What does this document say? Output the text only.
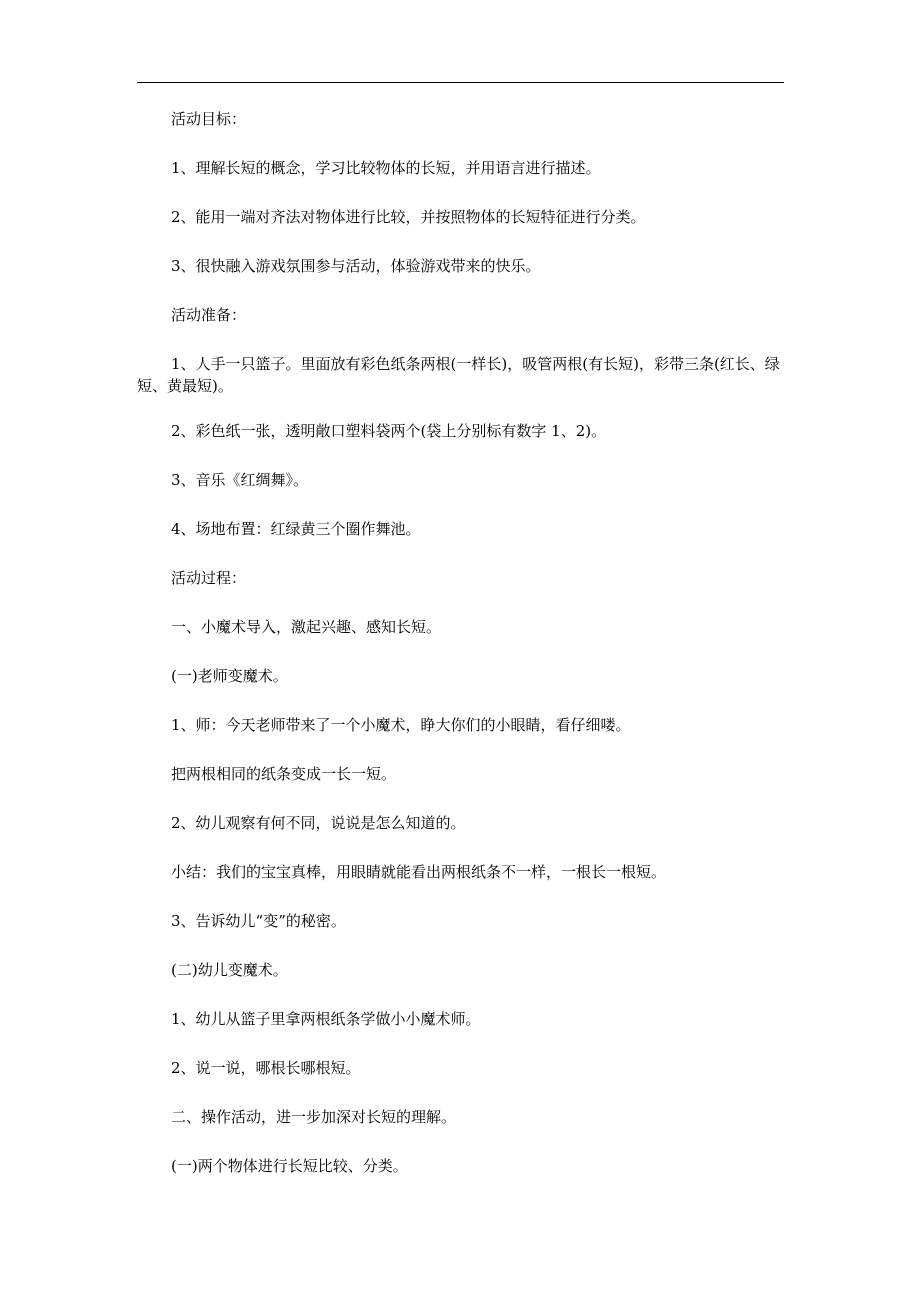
活动目标：

1、理解长短的概念，学习比较物体的长短，并用语言进行描述。

2、能用一端对齐法对物体进行比较，并按照物体的长短特征进行分类。

3、很快融入游戏氛围参与活动，体验游戏带来的快乐。

活动准备：

1、人手一只篮子。里面放有彩色纸条两根(一样长)，吸管两根(有长短)，彩带三条(红长、绿短、黄最短)。

2、彩色纸一张，透明敞口塑料袋两个(袋上分别标有数字 1、2)。

3、音乐《红绸舞》。

4、场地布置：红绿黄三个圈作舞池。

活动过程：

一、小魔术导入，激起兴趣、感知长短。

(一)老师变魔术。

1、师：今天老师带来了一个小魔术，睁大你们的小眼睛，看仔细喽。

把两根相同的纸条变成一长一短。

2、幼儿观察有何不同，说说是怎么知道的。

小结：我们的宝宝真棒，用眼睛就能看出两根纸条不一样，一根长一根短。

3、告诉幼儿“变”的秘密。

(二)幼儿变魔术。

1、幼儿从篮子里拿两根纸条学做小小魔术师。

2、说一说，哪根长哪根短。

二、操作活动，进一步加深对长短的理解。

(一)两个物体进行长短比较、分类。
